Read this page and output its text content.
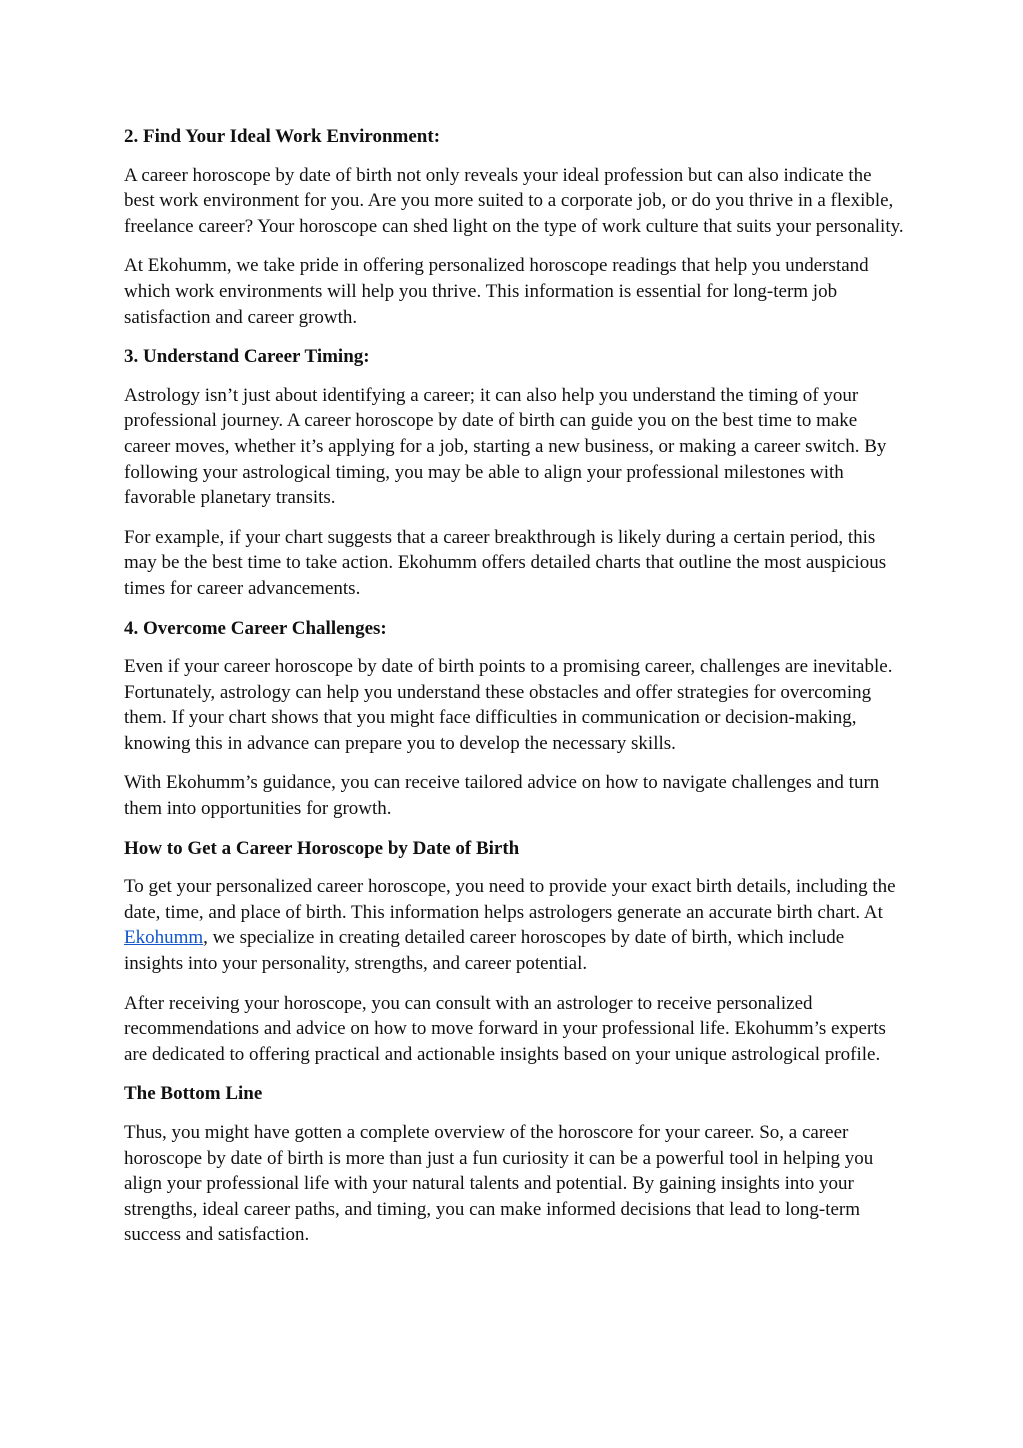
2. Find Your Ideal Work Environment:

A career horoscope by date of birth not only reveals your ideal profession but can also indicate the best work environment for you. Are you more suited to a corporate job, or do you thrive in a flexible, freelance career? Your horoscope can shed light on the type of work culture that suits your personality.

At Ekohumm, we take pride in offering personalized horoscope readings that help you understand which work environments will help you thrive. This information is essential for long-term job satisfaction and career growth.

3. Understand Career Timing:

Astrology isn’t just about identifying a career; it can also help you understand the timing of your professional journey. A career horoscope by date of birth can guide you on the best time to make career moves, whether it’s applying for a job, starting a new business, or making a career switch. By following your astrological timing, you may be able to align your professional milestones with favorable planetary transits.

For example, if your chart suggests that a career breakthrough is likely during a certain period, this may be the best time to take action. Ekohumm offers detailed charts that outline the most auspicious times for career advancements.

4. Overcome Career Challenges:

Even if your career horoscope by date of birth points to a promising career, challenges are inevitable. Fortunately, astrology can help you understand these obstacles and offer strategies for overcoming them. If your chart shows that you might face difficulties in communication or decision-making, knowing this in advance can prepare you to develop the necessary skills.

With Ekohumm’s guidance, you can receive tailored advice on how to navigate challenges and turn them into opportunities for growth.

How to Get a Career Horoscope by Date of Birth

To get your personalized career horoscope, you need to provide your exact birth details, including the date, time, and place of birth. This information helps astrologers generate an accurate birth chart. At Ekohumm, we specialize in creating detailed career horoscopes by date of birth, which include insights into your personality, strengths, and career potential.

After receiving your horoscope, you can consult with an astrologer to receive personalized recommendations and advice on how to move forward in your professional life. Ekohumm’s experts are dedicated to offering practical and actionable insights based on your unique astrological profile.

The Bottom Line

Thus, you might have gotten a complete overview of the horoscore for your career. So, a career horoscope by date of birth is more than just a fun curiosity it can be a powerful tool in helping you align your professional life with your natural talents and potential. By gaining insights into your strengths, ideal career paths, and timing, you can make informed decisions that lead to long-term success and satisfaction.
